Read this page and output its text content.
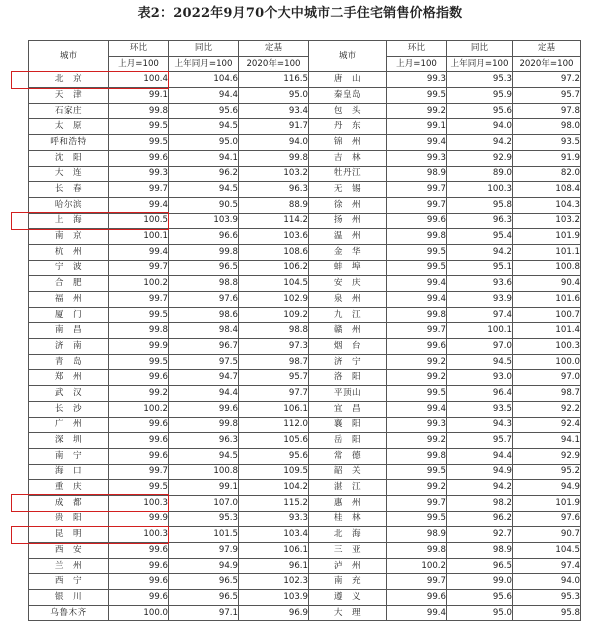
表2：2022年9月70个大中城市二手住宅销售价格指数
城市	环比	同比	定基	城市	环比	同比	定基
	上月=100	上年同月=100	2020年=100		上月=100	上年同月=100	2020年=100
北　京	100.4	104.6	116.5	唐　山	99.3	95.3	97.2
天　津	99.1	94.4	95.0	秦皇岛	99.5	95.9	95.7
石家庄	99.8	95.6	93.4	包　头	99.2	95.6	97.8
太　原	99.5	94.5	91.7	丹　东	99.1	94.0	98.0
呼和浩特	99.5	95.0	94.0	锦　州	99.4	94.2	93.5
沈　阳	99.6	94.1	99.8	吉　林	99.3	92.9	91.9
大　连	99.3	96.2	103.2	牡丹江	98.9	89.0	82.0
长　春	99.7	94.5	96.3	无　锡	99.7	100.3	108.4
哈尔滨	99.4	90.5	88.9	徐　州	99.7	95.8	104.3
上　海	100.5	103.9	114.2	扬　州	99.6	96.3	103.2
南　京	100.1	96.6	103.6	温　州	99.8	95.4	101.9
杭　州	99.4	99.8	108.6	金　华	99.5	94.2	101.1
宁　波	99.7	96.5	106.2	蚌　埠	99.5	95.1	100.8
合　肥	100.2	98.8	104.5	安　庆	99.4	93.6	90.4
福　州	99.7	97.6	102.9	泉　州	99.4	93.9	101.6
厦　门	99.5	98.6	109.2	九　江	99.8	97.4	100.7
南　昌	99.8	98.4	98.8	赣　州	99.7	100.1	101.4
济　南	99.9	96.7	97.3	烟　台	99.6	97.0	100.3
青　岛	99.5	97.5	98.7	济　宁	99.2	94.5	100.0
郑　州	99.6	94.7	95.7	洛　阳	99.2	93.0	97.0
武　汉	99.2	94.4	97.7	平顶山	99.5	96.4	98.7
长　沙	100.2	99.6	106.1	宜　昌	99.4	93.5	92.2
广　州	99.6	99.8	112.0	襄　阳	99.3	94.3	92.4
深　圳	99.6	96.3	105.6	岳　阳	99.2	95.7	94.1
南　宁	99.6	94.5	95.6	常　德	99.8	94.4	92.9
海　口	99.7	100.8	109.5	韶　关	99.5	94.9	95.2
重　庆	99.5	99.1	104.2	湛　江	99.2	94.2	94.9
成　都	100.3	107.0	115.2	惠　州	99.7	98.2	101.9
贵　阳	99.9	95.3	93.3	桂　林	99.5	96.2	97.6
昆　明	100.3	101.5	103.4	北　海	98.9	92.7	90.7
西　安	99.6	97.9	106.1	三　亚	99.8	98.9	104.5
兰　州	99.6	94.9	96.1	泸　州	100.2	96.5	97.4
西　宁	99.6	96.5	102.3	南　充	99.7	99.0	94.0
银　川	99.6	96.5	103.9	遵　义	99.6	95.6	95.3
乌鲁木齐	100.0	97.1	96.9	大　理	99.4	95.0	95.8
